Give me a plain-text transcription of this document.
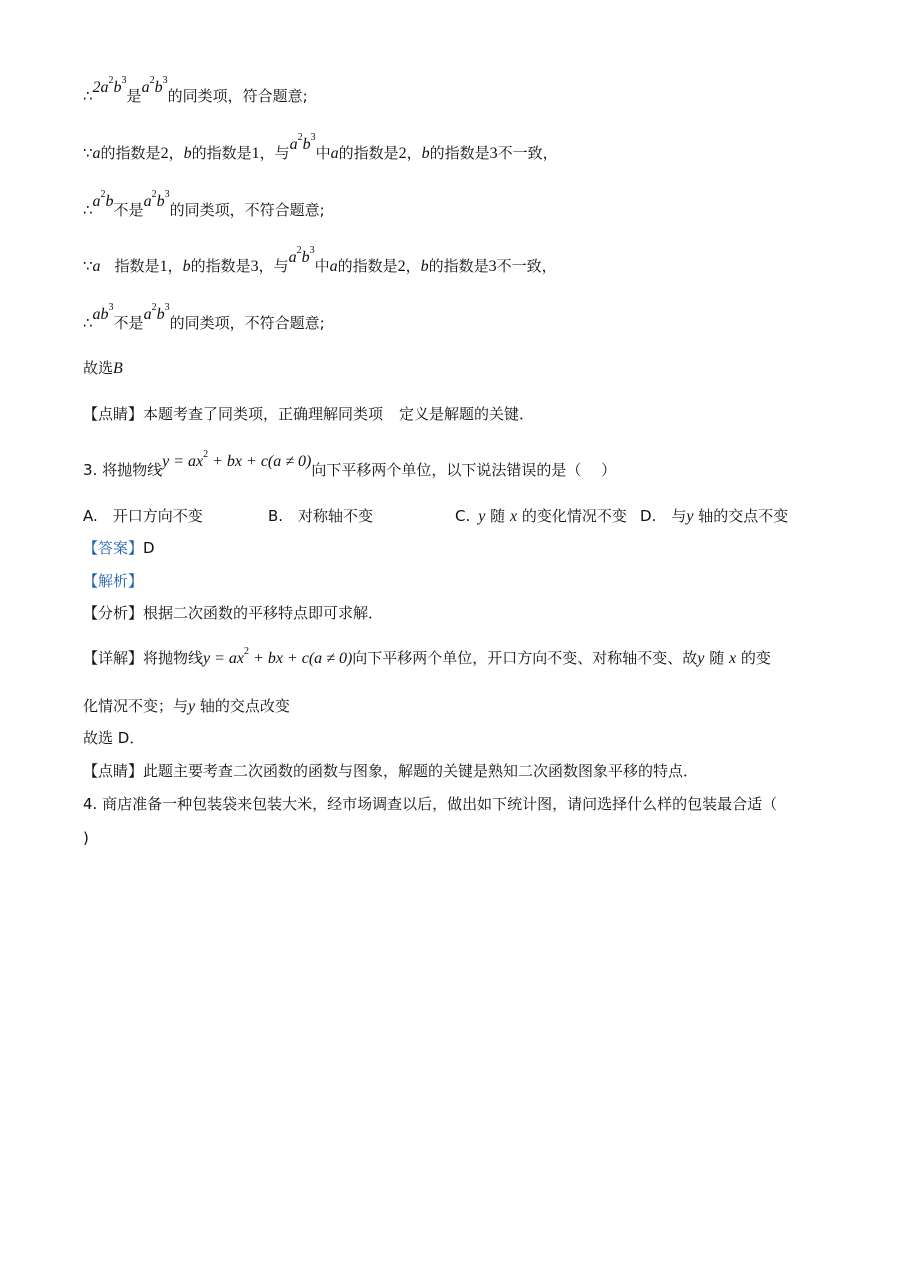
$\therefore 2a^2b^3$是$a^2b^3$的同类项，符合题意;
∵a的指数是2，b的指数是1，与$a^2b^3$中a的指数是2，b的指数是3不一致，
$\therefore a^2b$不是$a^2b^3$的同类项，不符合题意;
∵a 指数是1，b的指数是3，与$a^2b^3$中a的指数是2，b的指数是3不一致，
$\therefore ab^3$不是$a^2b^3$的同类项，不符合题意;
故选B
【点睛】本题考查了同类项，正确理解同类项 定义是解题的关键．
3. 将抛物线$y = ax^2$ + bx + c(a ≠ 0)向下平移两个单位，以下说法错误的是（　 ）
A.　开口方向不变	B.　对称轴不变	C. y 随 x 的变化情况不变 D.　与y 轴的交点不变
【答案】D
【解析】
【分析】根据二次函数的平移特点即可求解．
【详解】将抛物线$y = ax^2$ + bx + c(a ≠ 0)向下平移两个单位，开口方向不变、对称轴不变、故y 随 x 的变
化情况不变；与y 轴的交点改变
故选 D．
【点睛】此题主要考查二次函数的函数与图象，解题的关键是熟知二次函数图象平移的特点．
4. 商店准备一种包装袋来包装大米，经市场调查以后，做出如下统计图，请问选择什么样的包装最合适（
)
